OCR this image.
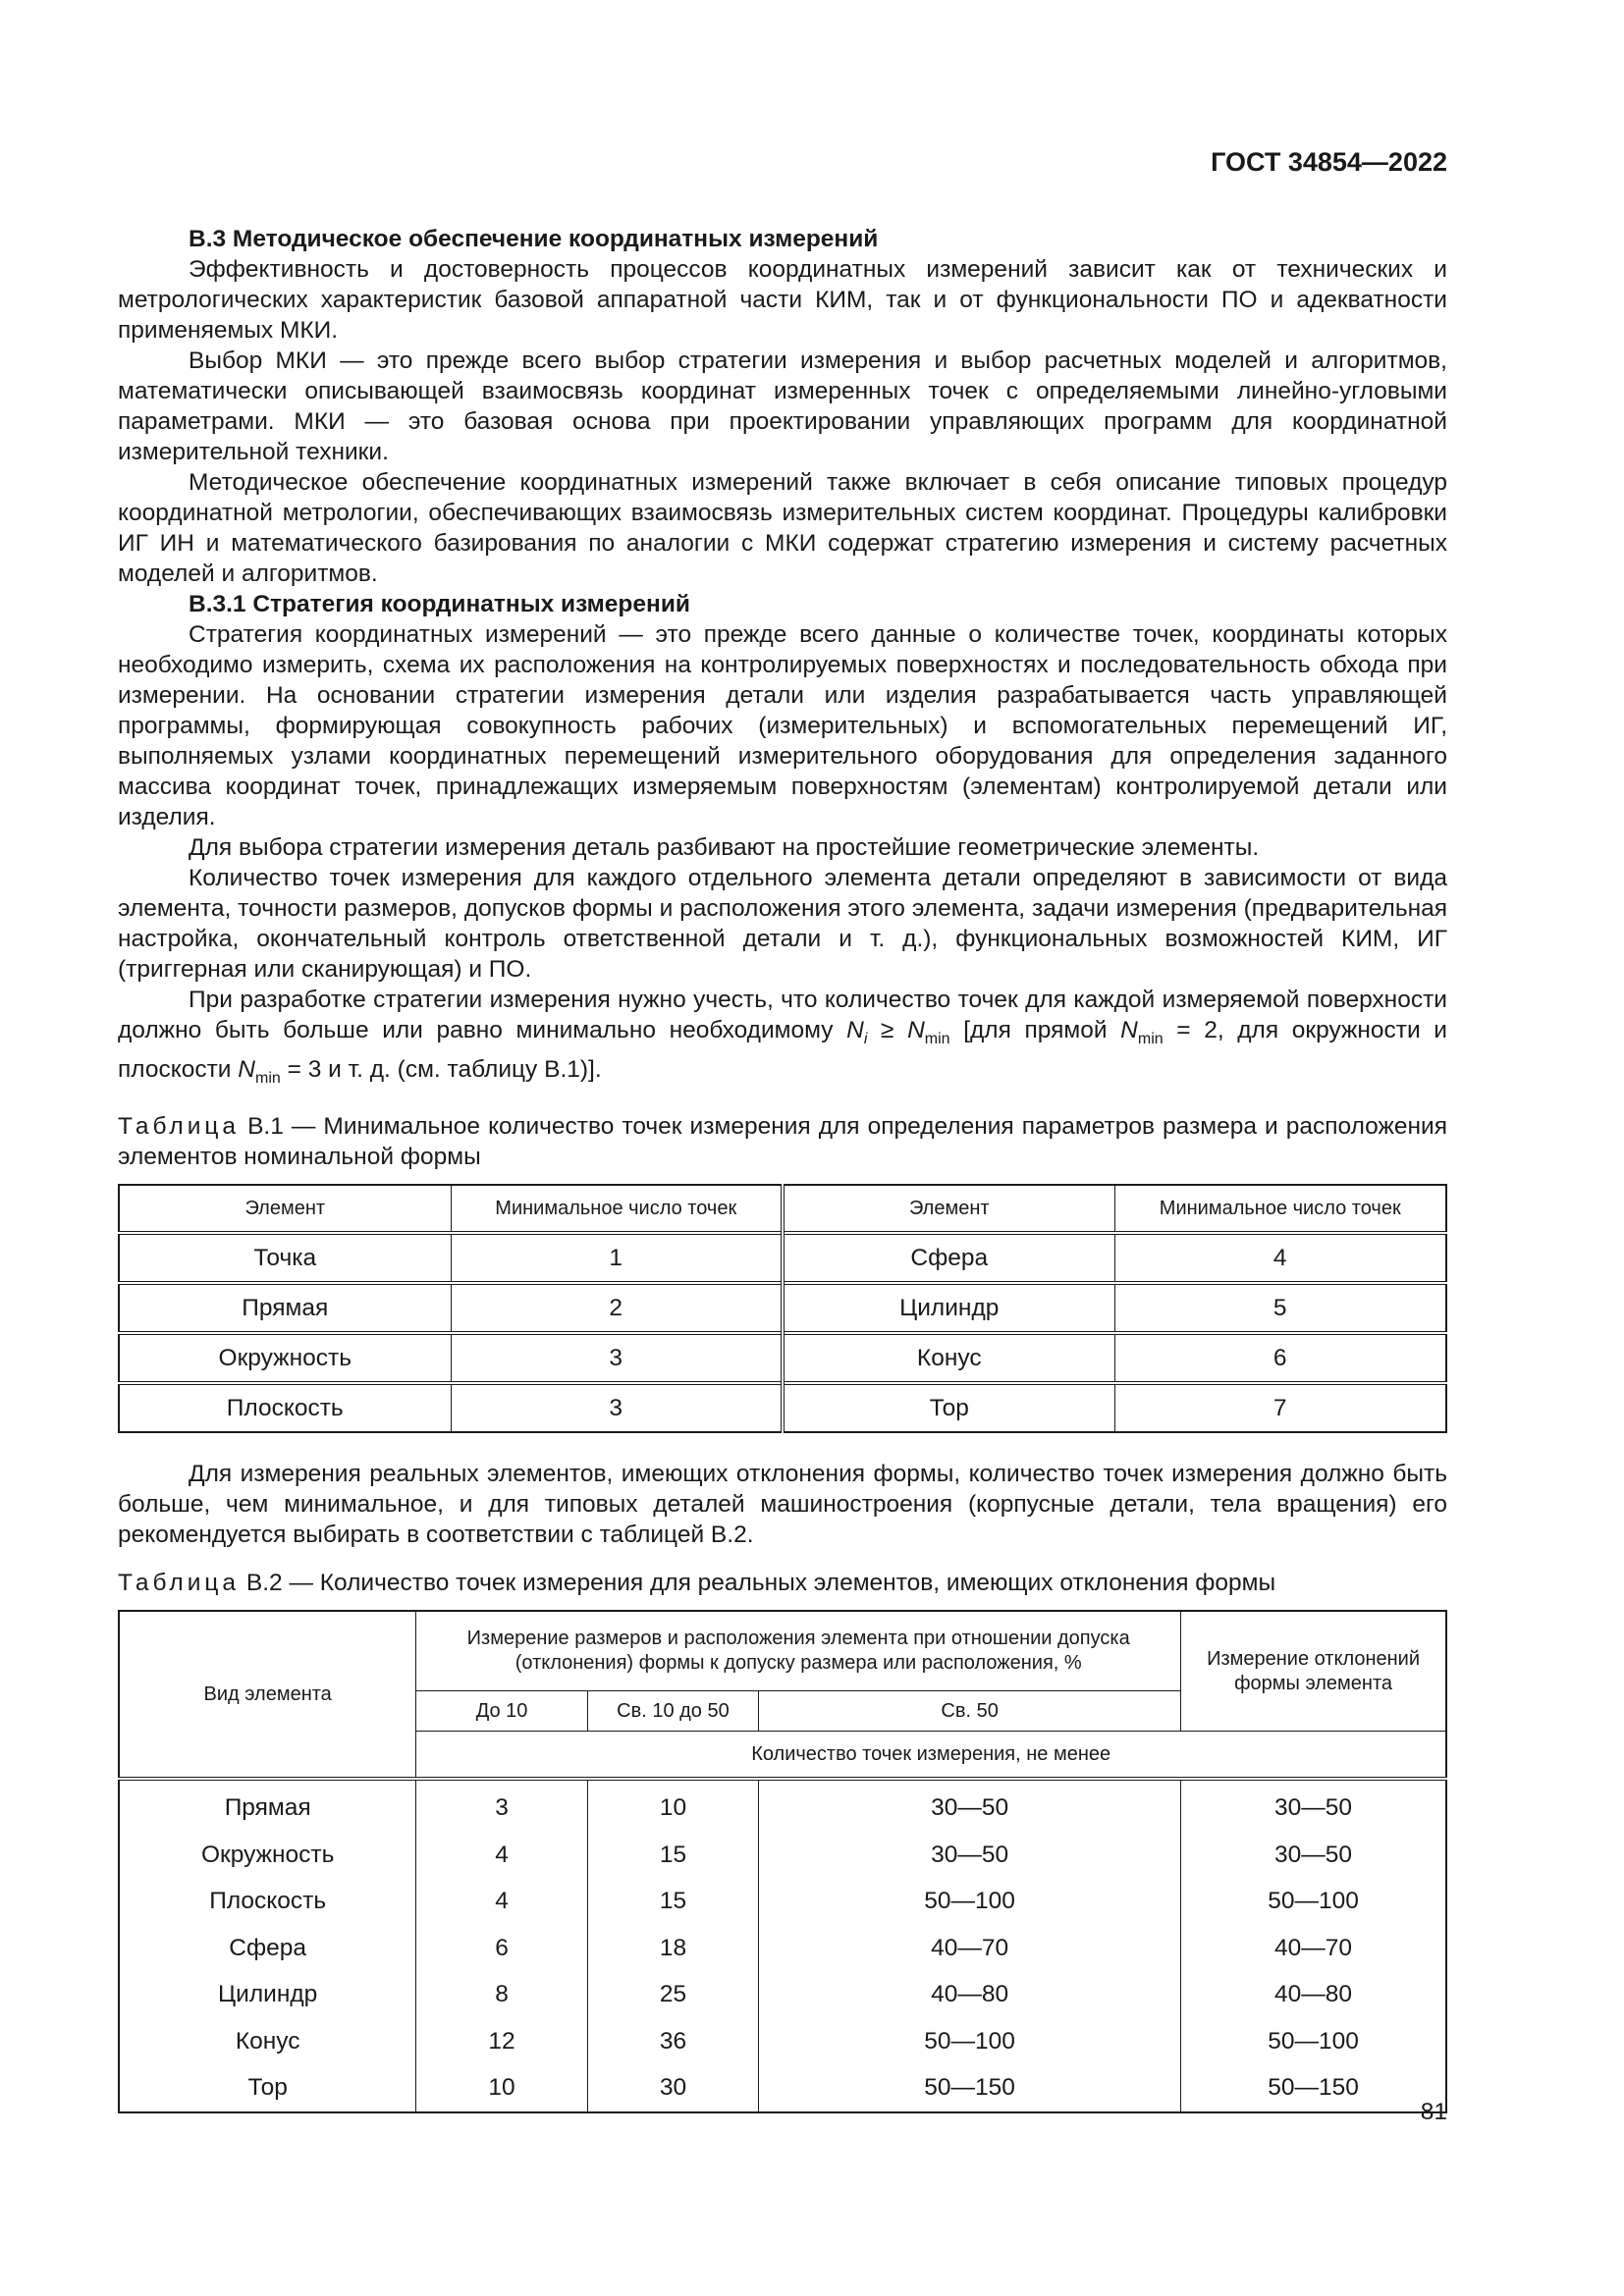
ГОСТ 34854—2022
В.3 Методическое обеспечение координатных измерений

Эффективность и достоверность процессов координатных измерений зависит как от технических и метрологических характеристик базовой аппаратной части КИМ, так и от функциональности ПО и адекватности применяемых МКИ.

Выбор МКИ — это прежде всего выбор стратегии измерения и выбор расчетных моделей и алгоритмов, математически описывающей взаимосвязь координат измеренных точек с определяемыми линейно-угловыми параметрами. МКИ — это базовая основа при проектировании управляющих программ для координатной измерительной техники.

Методическое обеспечение координатных измерений также включает в себя описание типовых процедур координатной метрологии, обеспечивающих взаимосвязь измерительных систем координат. Процедуры калибровки ИГ ИН и математического базирования по аналогии с МКИ содержат стратегию измерения и систему расчетных моделей и алгоритмов.

В.3.1 Стратегия координатных измерений

Стратегия координатных измерений — это прежде всего данные о количестве точек, координаты которых необходимо измерить, схема их расположения на контролируемых поверхностях и последовательность обхода при измерении. На основании стратегии измерения детали или изделия разрабатывается часть управляющей программы, формирующая совокупность рабочих (измерительных) и вспомогательных перемещений ИГ, выполняемых узлами координатных перемещений измерительного оборудования для определения заданного массива координат точек, принадлежащих измеряемым поверхностям (элементам) контролируемой детали или изделия.

Для выбора стратегии измерения деталь разбивают на простейшие геометрические элементы.

Количество точек измерения для каждого отдельного элемента детали определяют в зависимости от вида элемента, точности размеров, допусков формы и расположения этого элемента, задачи измерения (предварительная настройка, окончательный контроль ответственной детали и т. д.), функциональных возможностей КИМ, ИГ (триггерная или сканирующая) и ПО.

При разработке стратегии измерения нужно учесть, что количество точек для каждой измеряемой поверхности должно быть больше или равно минимально необходимому $N_i \ge N_{min}$ [для прямой $N_{min} = 2$, для окружности и плоскости $N_{min} = 3$ и т. д. (см. таблицу В.1)].

Таблица В.1 — Минимальное количество точек измерения для определения параметров размера и расположения элементов номинальной формы
Элемент	Минимальное число точек	Элемент	Минимальное число точек
Точка	1	Сфера	4
Прямая	2	Цилиндр	5
Окружность	3	Конус	6
Плоскость	3	Тор	7

Для измерения реальных элементов, имеющих отклонения формы, количество точек измерения должно быть больше, чем минимальное, и для типовых деталей машиностроения (корпусные детали, тела вращения) его рекомендуется выбирать в соответствии с таблицей В.2.

Таблица В.2 — Количество точек измерения для реальных элементов, имеющих отклонения формы
Вид элемента	Измерение размеров и расположения элемента при отношении допуска (отклонения) формы к допуску размера или расположения, %			Измерение отклонений формы элемента
	До 10	Св. 10 до 50	Св. 50	
	Количество точек измерения, не менее			
Прямая	3	10	30—50	30—50
Окружность	4	15	30—50	30—50
Плоскость	4	15	50—100	50—100
Сфера	6	18	40—70	40—70
Цилиндр	8	25	40—80	40—80
Конус	12	36	50—100	50—100
Тор	10	30	50—150	50—150
81
